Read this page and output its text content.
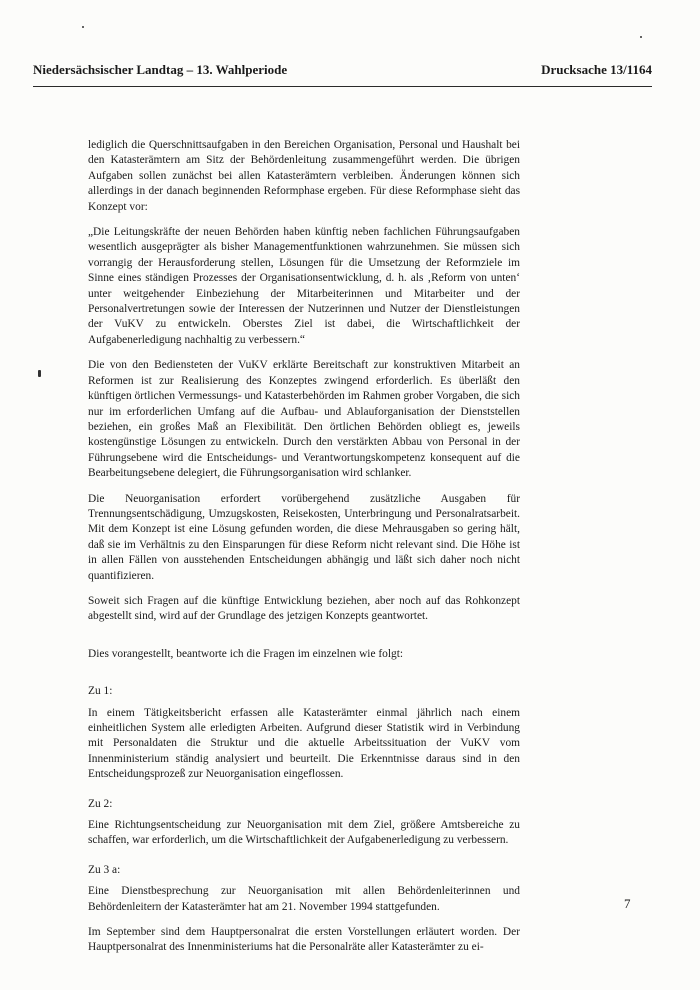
Niedersächsischer Landtag – 13. Wahlperiode	Drucksache 13/1164

lediglich die Querschnittsaufgaben in den Bereichen Organisation, Personal und Haushalt bei den Katasterämtern am Sitz der Behördenleitung zusammengeführt werden. Die übrigen Aufgaben sollen zunächst bei allen Katasterämtern verbleiben. Änderungen können sich allerdings in der danach beginnenden Reformphase ergeben. Für diese Reformphase sieht das Konzept vor:

„Die Leitungskräfte der neuen Behörden haben künftig neben fachlichen Führungsaufgaben wesentlich ausgeprägter als bisher Managementfunktionen wahrzunehmen. Sie müssen sich vorrangig der Herausforderung stellen, Lösungen für die Umsetzung der Reformziele im Sinne eines ständigen Prozesses der Organisationsentwicklung, d. h. als ‚Reform von unten‘ unter weitgehender Einbeziehung der Mitarbeiterinnen und Mitarbeiter und der Personalvertretungen sowie der Interessen der Nutzerinnen und Nutzer der Dienstleistungen der VuKV zu entwickeln. Oberstes Ziel ist dabei, die Wirtschaftlichkeit der Aufgabenerledigung nachhaltig zu verbessern.“

Die von den Bediensteten der VuKV erklärte Bereitschaft zur konstruktiven Mitarbeit an Reformen ist zur Realisierung des Konzeptes zwingend erforderlich. Es überläßt den künftigen örtlichen Vermessungs- und Katasterbehörden im Rahmen grober Vorgaben, die sich nur im erforderlichen Umfang auf die Aufbau- und Ablauforganisation der Dienststellen beziehen, ein großes Maß an Flexibilität. Den örtlichen Behörden obliegt es, jeweils kostengünstige Lösungen zu entwickeln. Durch den verstärkten Abbau von Personal in der Führungsebene wird die Entscheidungs- und Verantwortungskompetenz konsequent auf die Bearbeitungsebene delegiert, die Führungsorganisation wird schlanker.

Die Neuorganisation erfordert vorübergehend zusätzliche Ausgaben für Trennungsentschädigung, Umzugskosten, Reisekosten, Unterbringung und Personalratsarbeit. Mit dem Konzept ist eine Lösung gefunden worden, die diese Mehrausgaben so gering hält, daß sie im Verhältnis zu den Einsparungen für diese Reform nicht relevant sind. Die Höhe ist in allen Fällen von ausstehenden Entscheidungen abhängig und läßt sich daher noch nicht quantifizieren.

Soweit sich Fragen auf die künftige Entwicklung beziehen, aber noch auf das Rohkonzept abgestellt sind, wird auf der Grundlage des jetzigen Konzepts geantwortet.

Dies vorangestellt, beantworte ich die Fragen im einzelnen wie folgt:

Zu 1:

In einem Tätigkeitsbericht erfassen alle Katasterämter einmal jährlich nach einem einheitlichen System alle erledigten Arbeiten. Aufgrund dieser Statistik wird in Verbindung mit Personaldaten die Struktur und die aktuelle Arbeitssituation der VuKV vom Innenministerium ständig analysiert und beurteilt. Die Erkenntnisse daraus sind in den Entscheidungsprozeß zur Neuorganisation eingeflossen.

Zu 2:

Eine Richtungsentscheidung zur Neuorganisation mit dem Ziel, größere Amtsbereiche zu schaffen, war erforderlich, um die Wirtschaftlichkeit der Aufgabenerledigung zu verbessern.

Zu 3 a:

Eine Dienstbesprechung zur Neuorganisation mit allen Behördenleiterinnen und Behördenleitern der Katasterämter hat am 21. November 1994 stattgefunden.

Im September sind dem Hauptpersonalrat die ersten Vorstellungen erläutert worden. Der Hauptpersonalrat des Innenministeriums hat die Personalräte aller Katasterämter zu ei-

7
